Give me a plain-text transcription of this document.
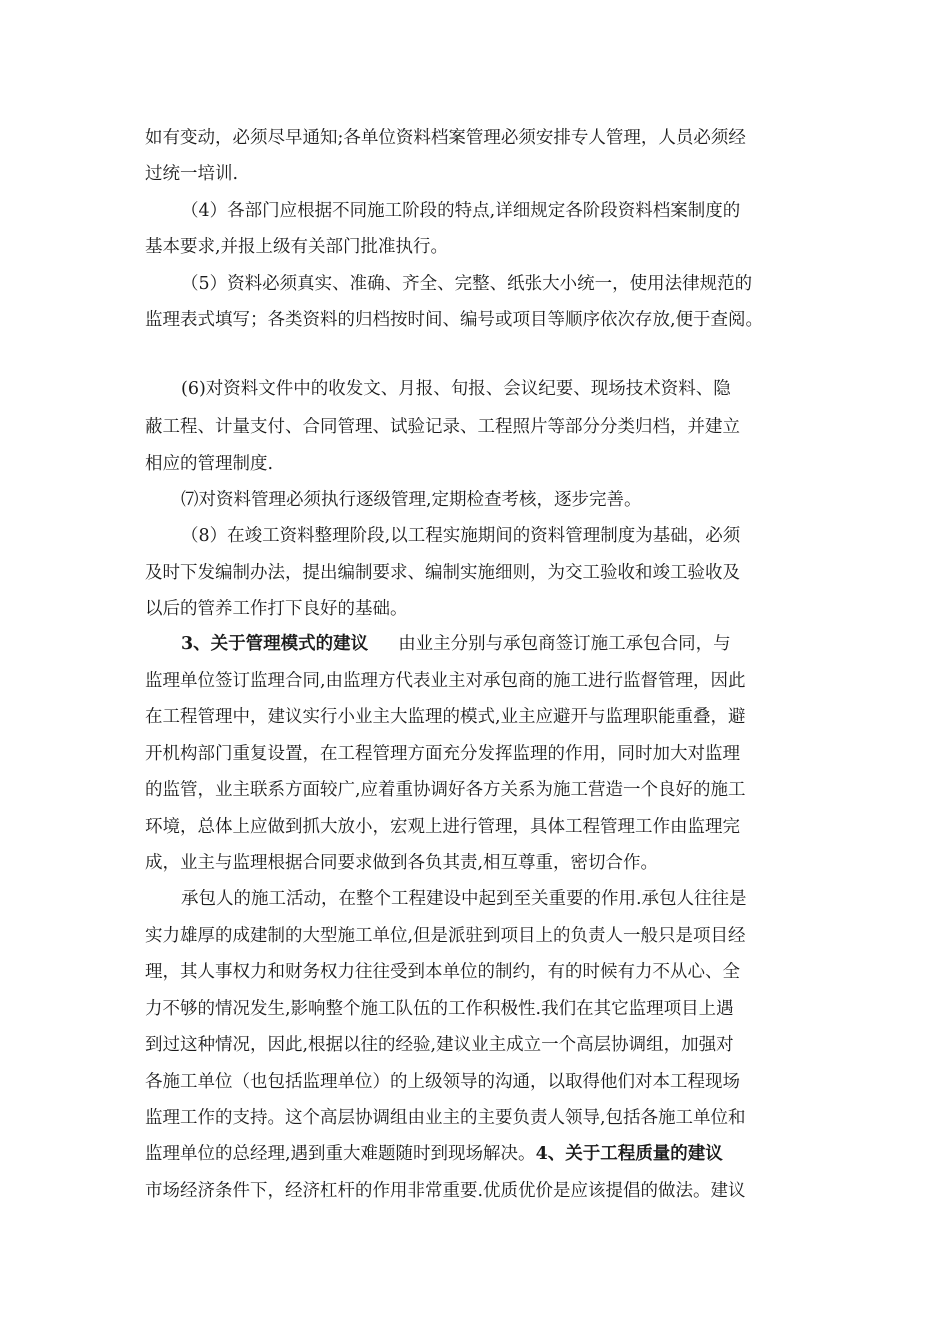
如有变动，必须尽早通知;各单位资料档案管理必须安排专人管理，人员必须经
过统一培训.
（4）各部门应根据不同施工阶段的特点,详细规定各阶段资料档案制度的
基本要求,并报上级有关部门批准执行。
（5）资料必须真实、准确、齐全、完整、纸张大小统一，使用法律规范的
监理表式填写；各类资料的归档按时间、编号或项目等顺序依次存放,便于查阅。
(6)对资料文件中的收发文、月报、旬报、会议纪要、现场技术资料、隐
蔽工程、计量支付、合同管理、试验记录、工程照片等部分分类归档，并建立
相应的管理制度.
⑺对资料管理必须执行逐级管理,定期检查考核，逐步完善。
（8）在竣工资料整理阶段,以工程实施期间的资料管理制度为基础，必须
及时下发编制办法，提出编制要求、编制实施细则，为交工验收和竣工验收及
以后的管养工作打下良好的基础。
3、关于管理模式的建议 由业主分别与承包商签订施工承包合同，与
监理单位签订监理合同,由监理方代表业主对承包商的施工进行监督管理，因此
在工程管理中，建议实行小业主大监理的模式,业主应避开与监理职能重叠，避
开机构部门重复设置，在工程管理方面充分发挥监理的作用，同时加大对监理
的监管，业主联系方面较广,应着重协调好各方关系为施工营造一个良好的施工
环境，总体上应做到抓大放小，宏观上进行管理，具体工程管理工作由监理完
成，业主与监理根据合同要求做到各负其责,相互尊重，密切合作。
承包人的施工活动，在整个工程建设中起到至关重要的作用.承包人往往是
实力雄厚的成建制的大型施工单位,但是派驻到项目上的负责人一般只是项目经
理，其人事权力和财务权力往往受到本单位的制约，有的时候有力不从心、全
力不够的情况发生,影响整个施工队伍的工作积极性.我们在其它监理项目上遇
到过这种情况，因此,根据以往的经验,建议业主成立一个高层协调组，加强对
各施工单位（也包括监理单位）的上级领导的沟通，以取得他们对本工程现场
监理工作的支持。这个高层协调组由业主的主要负责人领导,包括各施工单位和
监理单位的总经理,遇到重大难题随时到现场解决。4、关于工程质量的建议
市场经济条件下，经济杠杆的作用非常重要.优质优价是应该提倡的做法。建议
